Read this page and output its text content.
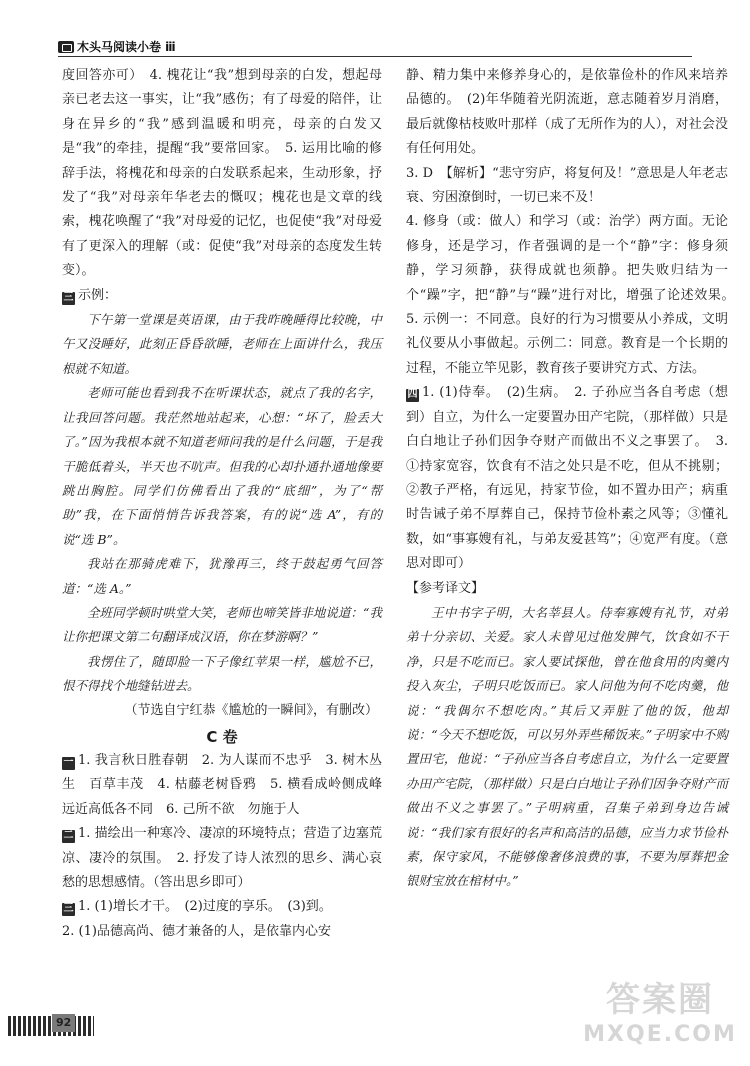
木头马阅读小卷 ⅲ

度回答亦可）　4. 槐花让“我”想到母亲的白发，想起母亲已老去这一事实，让“我”感伤；有了母爱的陪伴，让身在异乡的“我”感到温暖和明亮，母亲的白发又是“我”的牵挂，提醒“我”要常回家。　5. 运用比喻的修辞手法，将槐花和母亲的白发联系起来，生动形象，抒发了“我”对母亲年华老去的慨叹；槐花也是文章的线索，槐花唤醒了“我”对母爱的记忆，也促使“我”对母爱有了更深入的理解（或：促使“我”对母亲的态度发生转变）。

三 示例：

下午第一堂课是英语课，由于我昨晚睡得比较晚，中午又没睡好，此刻正昏昏欲睡，老师在上面讲什么，我压根就不知道。

老师可能也看到我不在听课状态，就点了我的名字，让我回答问题。我茫然地站起来，心想：“坏了，脸丢大了。”因为我根本就不知道老师问我的是什么问题，于是我干脆低着头，半天也不吭声。但我的心却扑通扑通地像要跳出胸腔。同学们仿佛看出了我的“底细”，为了“帮助”我，在下面悄悄告诉我答案，有的说“选 A”，有的说“选 B”。

我站在那骑虎难下，犹豫再三，终于鼓起勇气回答道：“选 A。”

全班同学顿时哄堂大笑，老师也啼笑皆非地说道：“我让你把课文第二句翻译成汉语，你在梦游啊？”

我愣住了，随即脸一下子像红苹果一样，尴尬不已，恨不得找个地缝钻进去。

（节选自宁红恭《尴尬的一瞬间》，有删改）

C 卷

一 1. 我言秋日胜春朝　2. 为人谋而不忠乎　3. 树木丛生　百草丰茂　4. 枯藤老树昏鸦　5. 横看成岭侧成峰　远近高低各不同　6. 己所不欲　勿施于人

二 1. 描绘出一种寒冷、凄凉的环境特点；营造了边塞荒凉、凄冷的氛围。　2. 抒发了诗人浓烈的思乡、满心哀愁的思想感情。（答出思乡即可）

三 1. (1)增长才干。　(2)过度的享乐。　(3)到。

2. (1)品德高尚、德才兼备的人，是依靠内心安

静、精力集中来修养身心的，是依靠俭朴的作风来培养品德的。　(2)年华随着光阴流逝，意志随着岁月消磨，最后就像枯枝败叶那样（成了无所作为的人），对社会没有任何用处。

3. D　【解析】“悲守穷庐，将复何及！”意思是人年老志衰、穷困潦倒时，一切已来不及！

4. 修身（或：做人）和学习（或：治学）两方面。无论修身，还是学习，作者强调的是一个“静”字：修身须静，学习须静，获得成就也须静。把失败归结为一个“躁”字，把“静”与“躁”进行对比，增强了论述效果。　5. 示例一：不同意。良好的行为习惯要从小养成，文明礼仪要从小事做起。示例二：同意。教育是一个长期的过程，不能立竿见影，教育孩子要讲究方式、方法。

四 1. (1)侍奉。　(2)生病。　2. 子孙应当各自考虑（想到）自立，为什么一定要置办田产宅院，（那样做）只是白白地让子孙们因争夺财产而做出不义之事罢了。　3. ①持家宽容，饮食有不洁之处只是不吃，但从不挑剔；②教子严格，有远见，持家节俭，如不置办田产；病重时告诫子弟不厚葬自己，保持节俭朴素之风等；③懂礼数，如“事寡嫂有礼，与弟友爱甚笃”；④宽严有度。（意思对即可）

【参考译文】

王中书字子明，大名莘县人。侍奉寡嫂有礼节，对弟弟十分亲切、关爱。家人未曾见过他发脾气，饮食如不干净，只是不吃而已。家人要试探他，曾在他食用的肉羹内投入灰尘，子明只吃饭而已。家人问他为何不吃肉羹，他说：“我偶尔不想吃肉。”其后又弄脏了他的饭，他却说：“今天不想吃饭，可以另外弄些稀饭来。”子明家中不购置田宅，他说：“子孙应当各自考虑自立，为什么一定要置办田产宅院，（那样做）只是白白地让子孙们因争夺财产而做出不义之事罢了。”子明病重，召集子弟到身边告诫说：“我们家有很好的名声和高洁的品德，应当力求节俭朴素，保守家风，不能够像奢侈浪费的事，不要为厚葬把金银财宝放在棺材中。”

92
答案圈
MXQE.COM
